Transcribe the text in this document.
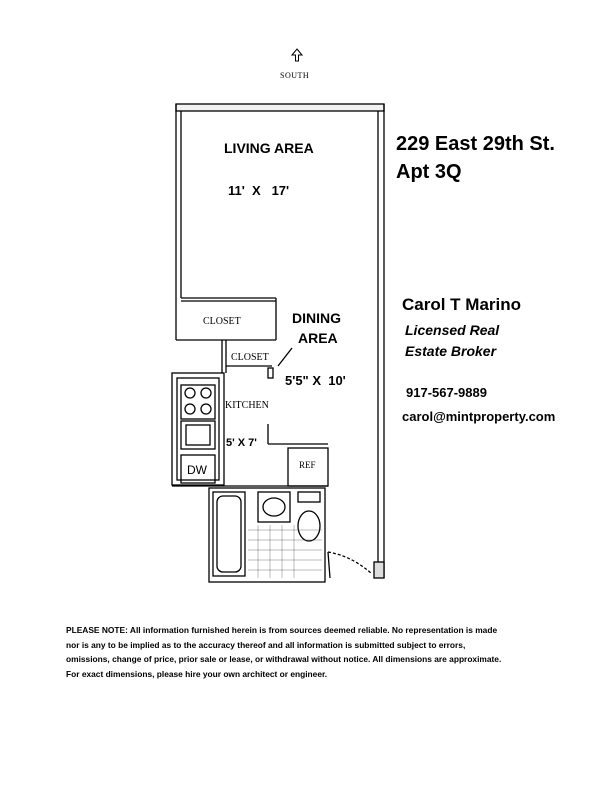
SOUTH
LIVING AREA
11'  X   17'
CLOSET
CLOSET
DINING
AREA
5'5" X  10'
KITCHEN
5' X 7'
DW	REF
229 East 29th St.
Apt 3Q
Carol T Marino
Licensed Real
Estate Broker
917-567-9889
carol@mintproperty.com
PLEASE NOTE: All information furnished herein is from sources deemed reliable. No representation is made nor is any to be implied as to the accuracy thereof and all information is submitted subject to errors, omissions, change of price, prior sale or lease, or withdrawal without notice. All dimensions are approximate. For exact dimensions, please hire your own architect or engineer.
